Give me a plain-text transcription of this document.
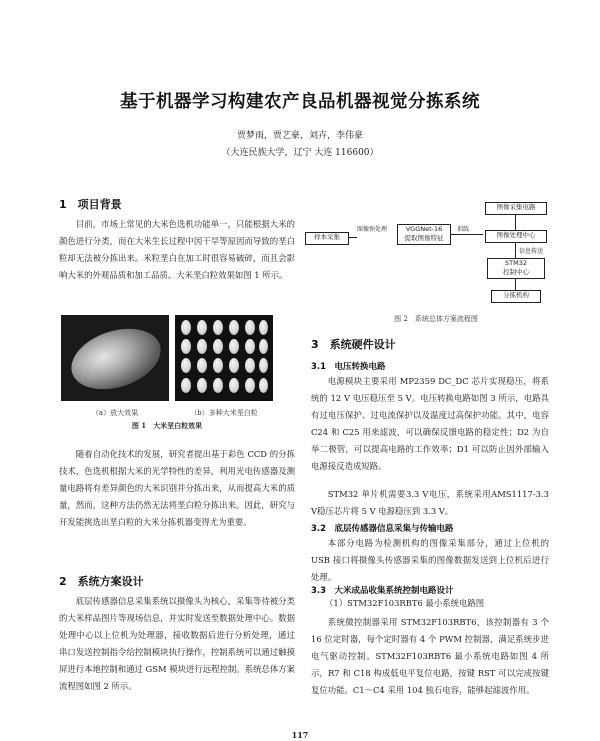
基于机器学习构建农产良品机器视觉分拣系统
贾梦雨，贾艺豪，刘卉，李伟豪
（大连民族大学，辽宁 大连 116600）
1　项目背景

目前，市场上常见的大米色选机功能单一，只能根据大米的颜色进行分类，而在大米生长过程中因干旱等原因而导致的垩白粒却无法被分拣出来。米粒垩白在加工时很容易破碎，而且会影响大米的外观品质和加工品质。大米垩白粒效果如图 1 所示。

（a）放大效果	（b）多种大米垩白粒
图 1　大米垩白粒效果

随着自动化技术的发展，研究者提出基于彩色 CCD 的分拣技术，色选机根据大米的光学特性的差异，利用光电传感器及测量电路将有差异颜色的大米识别并分拣出来，从而提高大米的质量，然而，这种方法仍然无法将垩白粒分拣出来。因此，研究与开发能挑选出垩白粒的大米分拣机器变得尤为重要。

2　系统方案设计

底层传感器信息采集系统以摄像头为核心，采集等待被分类的大米样品图片等现场信息，并实时发送至数据处理中心。数据处理中心以上位机为处理器，接收数据后进行分析处理，通过 串口发送控制指令给控制模块执行操作，控制系统可以通过触摸屏进行本地控制和通过 GSM 模块进行远程控制。系统总体方案流程图如图 2 所示。

图像采集电路
样本采集
图像预处理	VGGNet-16
提取图像特征
训练
图像处理中心
信息传送
STM32
控制中心
分拣机构
图 2　系统总体方案流程图
3　系统硬件设计
3.1　电压转换电路

电源模块主要采用 MP2359 DC_DC 芯片实现稳压，将系统的 12 V 电压稳压至 5 V。电压转换电路如图 3 所示，电路具有过电压保护、过电流保护以及温度过高保护功能。其中，电容 C24 和 C25 用来滤波，可以确保反馈电路的稳定性；D2 为自举二极管，可以提高电路的工作效率；D1 可以防止因外部输入电源接反造成短路。

STM32 单片机需要3.3 V电压，系统采用AMS1117-3.3 V稳压芯片将 5 V 电源稳压到 3.3 V。

3.2　底层传感器信息采集与传输电路

本部分电路为检测机构的图像采集部分，通过上位机的 USB 接口将摄像头传感器采集的图像数据发送到上位机后进行处理。

3.3　大米成品收集系统控制电路设计
（1）STM32F103RBT6 最小系统电路图

系统微控制器采用 STM32F103RBT6，该控制器有 3 个 16 位定时器，每个定时器有 4 个 PWM 控制器，满足系统步进电气驱动控制。STM32F103RBT6 最小系统电路如图 4 所示，R7 和 C18 构成低电平复位电路，按键 RST 可以完成按键复位功能。C1～C4 采用 104 独石电容，能够起滤波作用。

117
